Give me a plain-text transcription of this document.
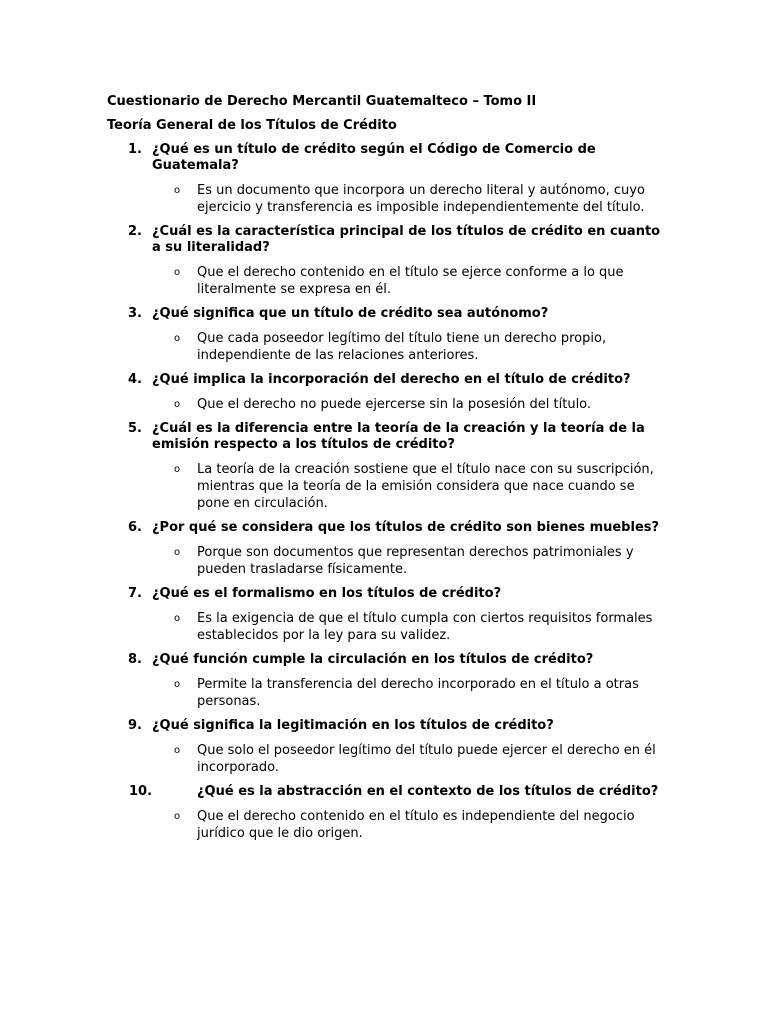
Cuestionario de Derecho Mercantil Guatemalteco – Tomo II

Teoría General de los Títulos de Crédito

1. ¿Qué es un título de crédito según el Código de Comercio de Guatemala?
o Es un documento que incorpora un derecho literal y autónomo, cuyo ejercicio y transferencia es imposible independientemente del título.
2. ¿Cuál es la característica principal de los títulos de crédito en cuanto a su literalidad?
o Que el derecho contenido en el título se ejerce conforme a lo que literalmente se expresa en él.
3. ¿Qué significa que un título de crédito sea autónomo?
o Que cada poseedor legítimo del título tiene un derecho propio, independiente de las relaciones anteriores.
4. ¿Qué implica la incorporación del derecho en el título de crédito?
o Que el derecho no puede ejercerse sin la posesión del título.
5. ¿Cuál es la diferencia entre la teoría de la creación y la teoría de la emisión respecto a los títulos de crédito?
o La teoría de la creación sostiene que el título nace con su suscripción, mientras que la teoría de la emisión considera que nace cuando se pone en circulación.
6. ¿Por qué se considera que los títulos de crédito son bienes muebles?
o Porque son documentos que representan derechos patrimoniales y pueden trasladarse físicamente.
7. ¿Qué es el formalismo en los títulos de crédito?
o Es la exigencia de que el título cumpla con ciertos requisitos formales establecidos por la ley para su validez.
8. ¿Qué función cumple la circulación en los títulos de crédito?
o Permite la transferencia del derecho incorporado en el título a otras personas.
9. ¿Qué significa la legitimación en los títulos de crédito?
o Que solo el poseedor legítimo del título puede ejercer el derecho en él incorporado.
10.	¿Qué es la abstracción en el contexto de los títulos de crédito?
o Que el derecho contenido en el título es independiente del negocio jurídico que le dio origen.
